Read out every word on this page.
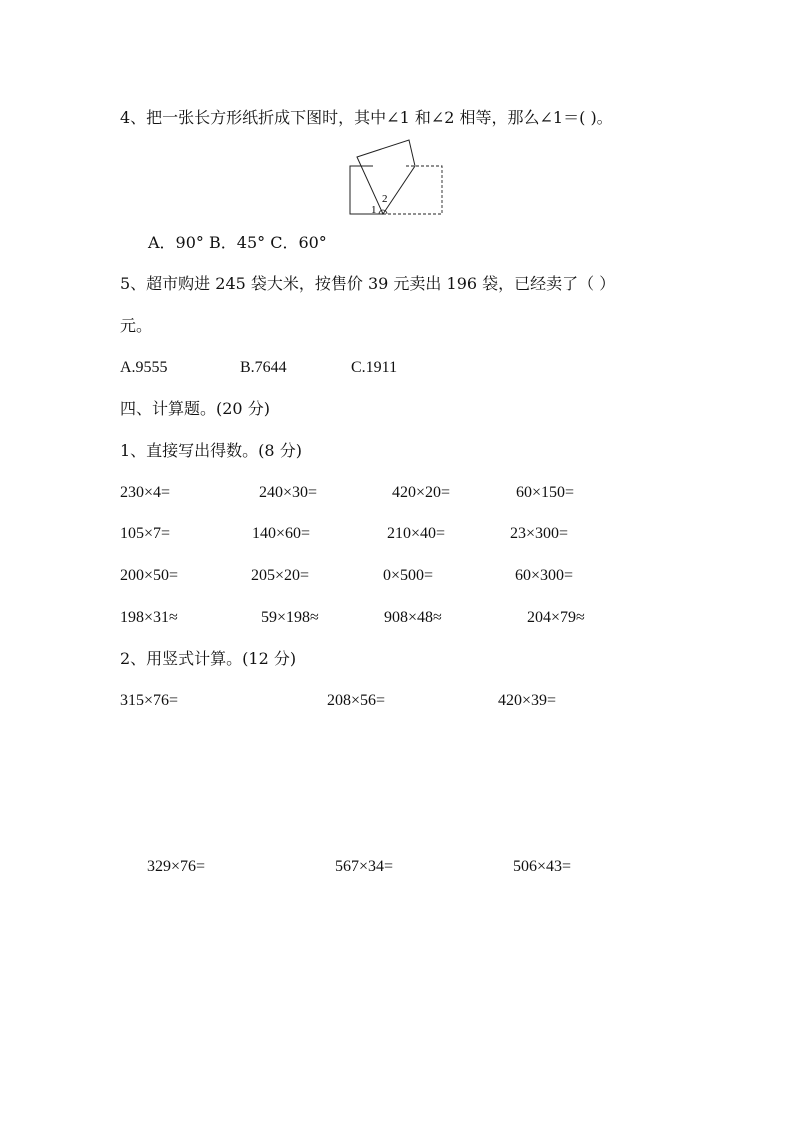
4、把一张长方形纸折成下图时，其中∠1 和∠2 相等，那么∠1＝( )。
1
2
A．90° B．45° C．60°
5、超市购进 245 袋大米，按售价 39 元卖出 196 袋，已经卖了（ ）
元。
A.9555	B.7644	C.1911
四、计算题。(20 分)
1、直接写出得数。(8 分)
230×4=	240×30=	420×20=	60×150=
105×7=	140×60=	210×40=	23×300=
200×50=	205×20=	0×500=	60×300=
198×31≈	59×198≈	908×48≈	204×79≈
2、用竖式计算。(12 分)
315×76=	208×56=	420×39=
329×76=	567×34=	506×43=
